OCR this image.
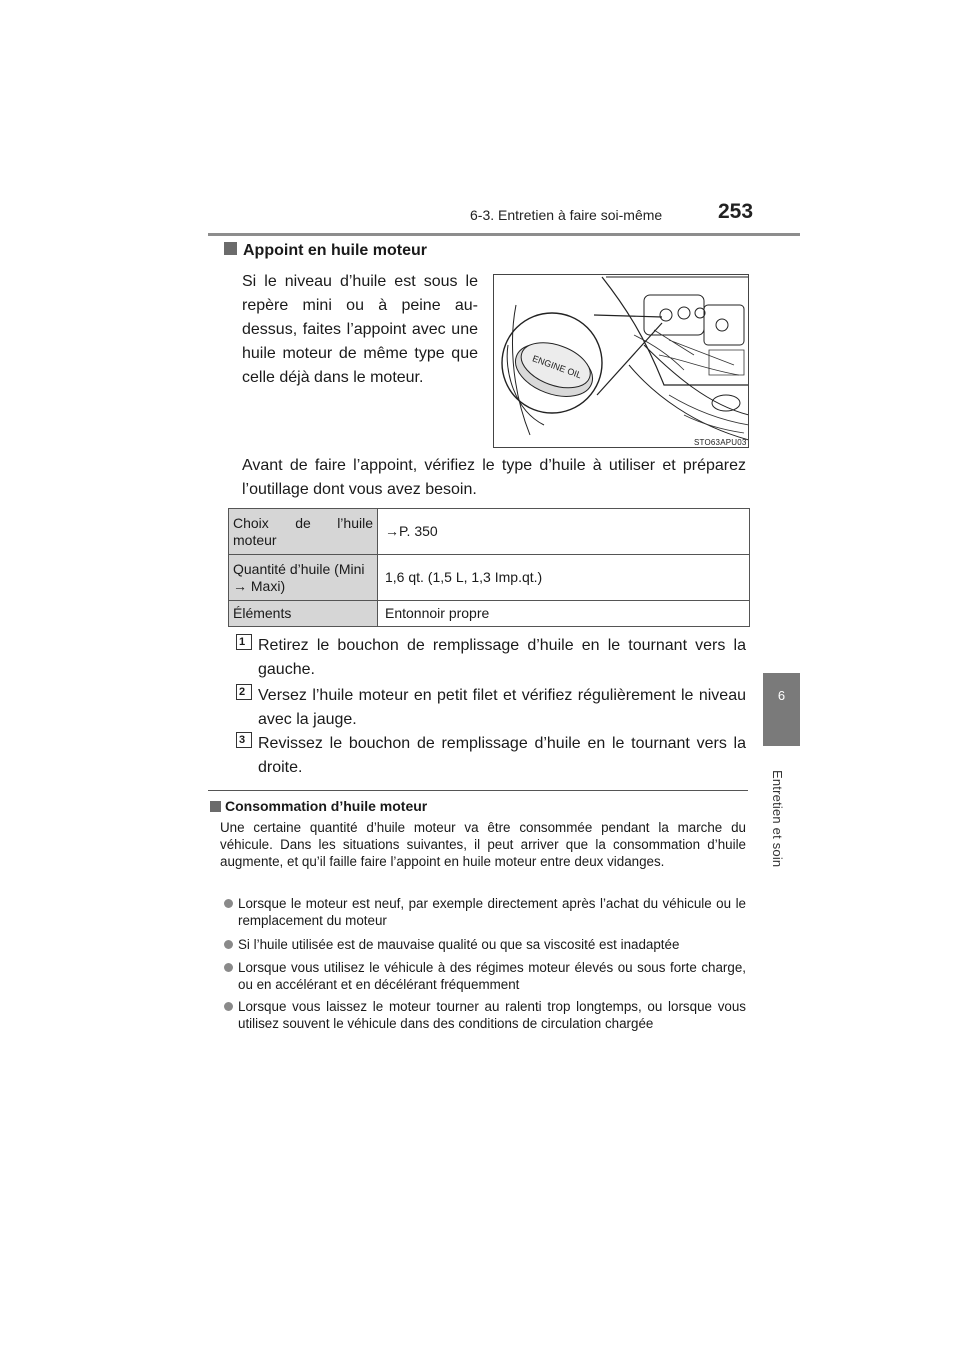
6-3. Entretien à faire soi-même	253
6
Entretien et soin
Appoint en huile moteur
Si le niveau d’huile est sous le repère mini ou à peine au-dessus, faites l’appoint avec une huile moteur de même type que celle déjà dans le moteur.	ENGINE OIL
STO63APU03
Avant de faire l’appoint, vérifiez le type d’huile à utiliser et préparez l’outillage dont vous avez besoin.
Choix de l’huile moteur	→P. 350
Quantité d’huile (Mini → Maxi)	1,6 qt. (1,5 L, 1,3 Imp.qt.)
Éléments	Entonnoir propre
1 Retirez le bouchon de remplissage d’huile en le tournant vers la gauche.
2 Versez l’huile moteur en petit filet et vérifiez régulièrement le niveau avec la jauge.
3 Revissez le bouchon de remplissage d’huile en le tournant vers la droite.
Consommation d’huile moteur
Une certaine quantité d’huile moteur va être consommée pendant la marche du véhicule. Dans les situations suivantes, il peut arriver que la consommation d’huile augmente, et qu’il faille faire l’appoint en huile moteur entre deux vidanges.
Lorsque le moteur est neuf, par exemple directement après l’achat du véhicule ou le remplacement du moteur
Si l’huile utilisée est de mauvaise qualité ou que sa viscosité est inadaptée
Lorsque vous utilisez le véhicule à des régimes moteur élevés ou sous forte charge, ou en accélérant et en décélérant fréquemment
Lorsque vous laissez le moteur tourner au ralenti trop longtemps, ou lorsque vous utilisez souvent le véhicule dans des conditions de circulation chargée
